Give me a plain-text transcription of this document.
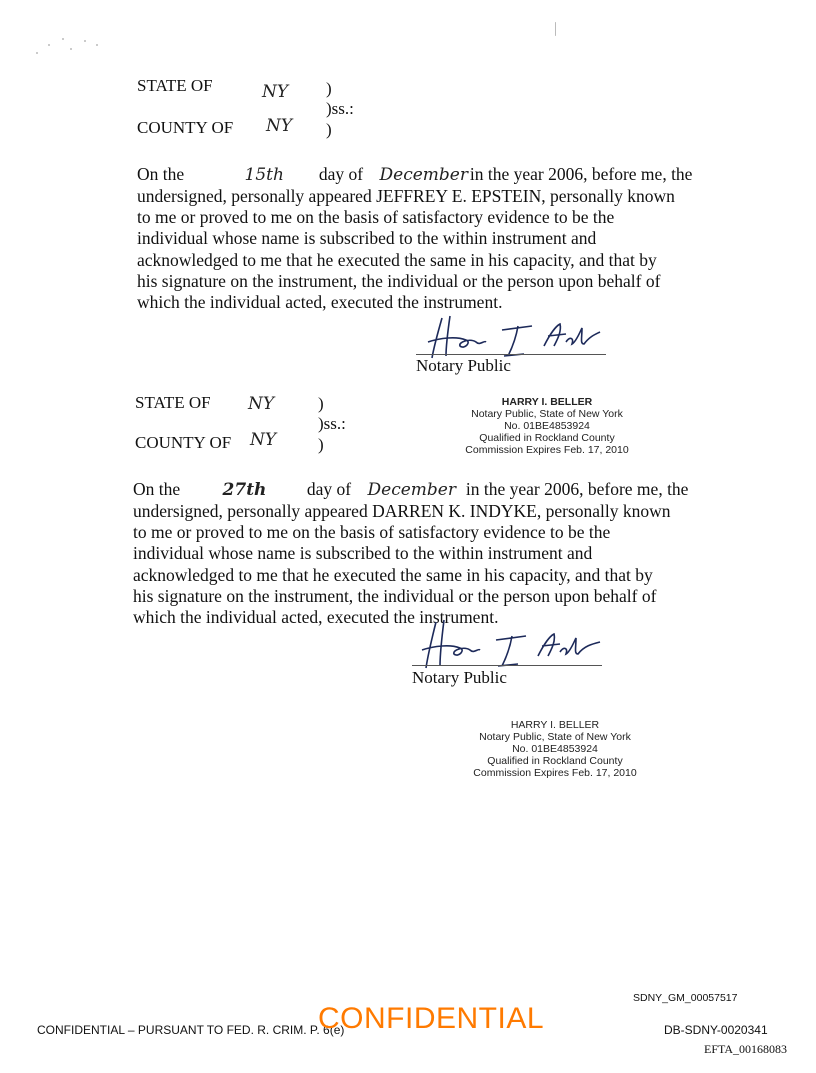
STATE OF	NY )
)ss.:
COUNTY OF NY )
On the	15th day of December in the year 2006, before me, the
undersigned, personally appeared JEFFREY E. EPSTEIN, personally known
to me or proved to me on the basis of satisfactory evidence to be the
individual whose name is subscribed to the within instrument and
acknowledged to me that he executed the same in his capacity, and that by
his signature on the instrument, the individual or the person upon behalf of
which the individual acted, executed the instrument.
Notary Public
HARRY I. BELLER
Notary Public, State of New York
No. 01BE4853924
Qualified in Rockland County
Commission Expires Feb. 17, 2010
STATE OF NY	)
)ss.:
COUNTY OF NY )
On the 27th day of December in the year 2006, before me, the
undersigned, personally appeared DARREN K. INDYKE, personally known
to me or proved to me on the basis of satisfactory evidence to be the
individual whose name is subscribed to the within instrument and
acknowledged to me that he executed the same in his capacity, and that by
his signature on the instrument, the individual or the person upon behalf of
which the individual acted, executed the instrument.
Notary Public
HARRY I. BELLER
Notary Public, State of New York
No. 01BE4853924
Qualified in Rockland County
Commission Expires Feb. 17, 2010
SDNY_GM_00057517
CONFIDENTIAL – PURSUANT TO FED. R. CRIM. P. 6(e)
CONFIDENTIAL	DB-SDNY-0020341
EFTA_00168083
